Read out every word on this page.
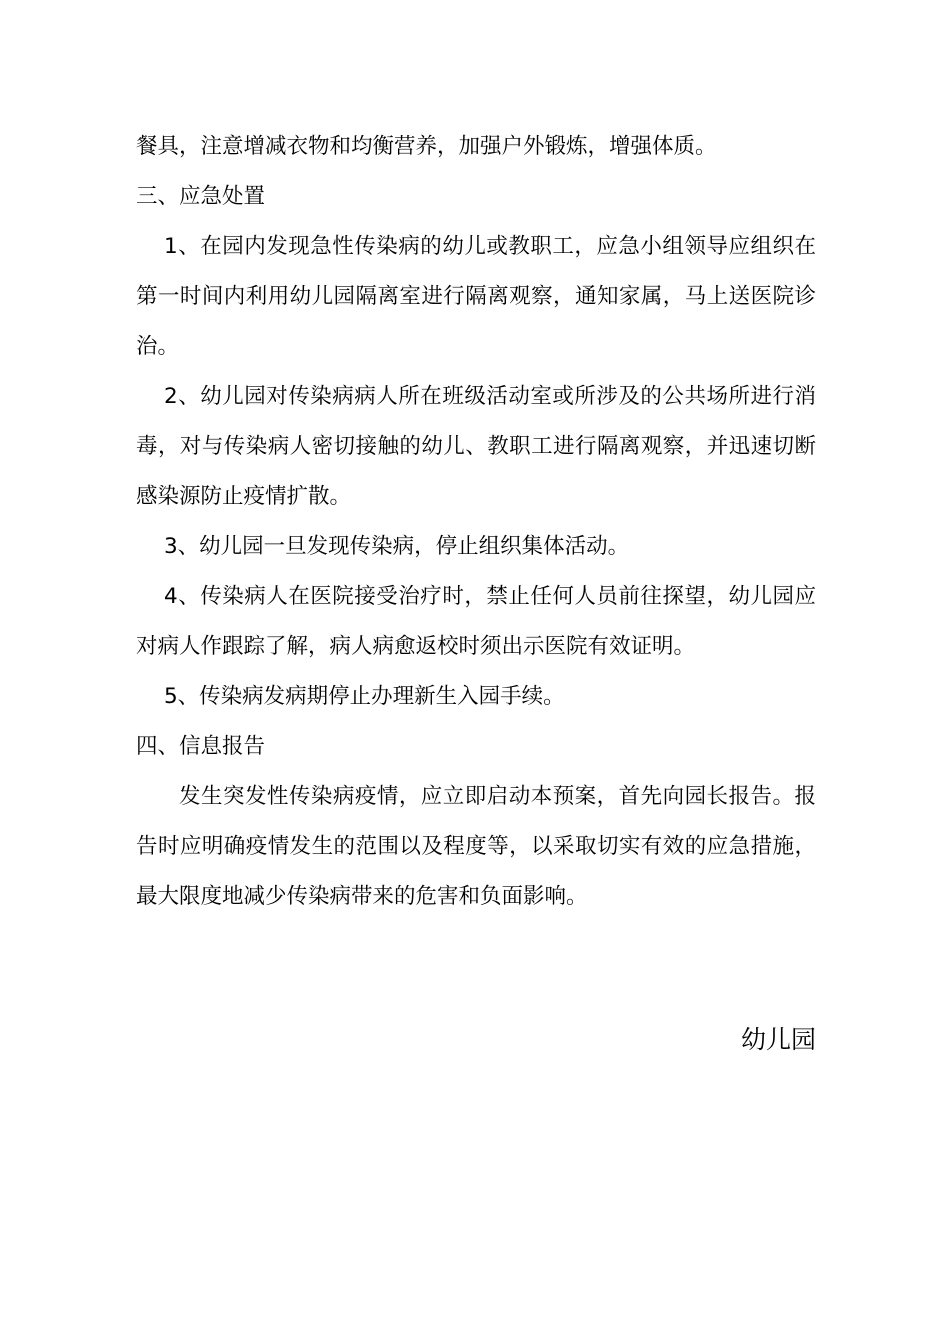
餐具，注意增减衣物和均衡营养，加强户外锻炼，增强体质。

三、应急处置

1、在园内发现急性传染病的幼儿或教职工，应急小组领导应组织在第一时间内利用幼儿园隔离室进行隔离观察，通知家属，马上送医院诊治。

2、幼儿园对传染病病人所在班级活动室或所涉及的公共场所进行消毒，对与传染病人密切接触的幼儿、教职工进行隔离观察，并迅速切断感染源防止疫情扩散。

3、幼儿园一旦发现传染病，停止组织集体活动。

4、传染病人在医院接受治疗时，禁止任何人员前往探望，幼儿园应对病人作跟踪了解，病人病愈返校时须出示医院有效证明。

5、传染病发病期停止办理新生入园手续。

四、信息报告

发生突发性传染病疫情，应立即启动本预案，首先向园长报告。报告时应明确疫情发生的范围以及程度等，以采取切实有效的应急措施，最大限度地减少传染病带来的危害和负面影响。

幼儿园
